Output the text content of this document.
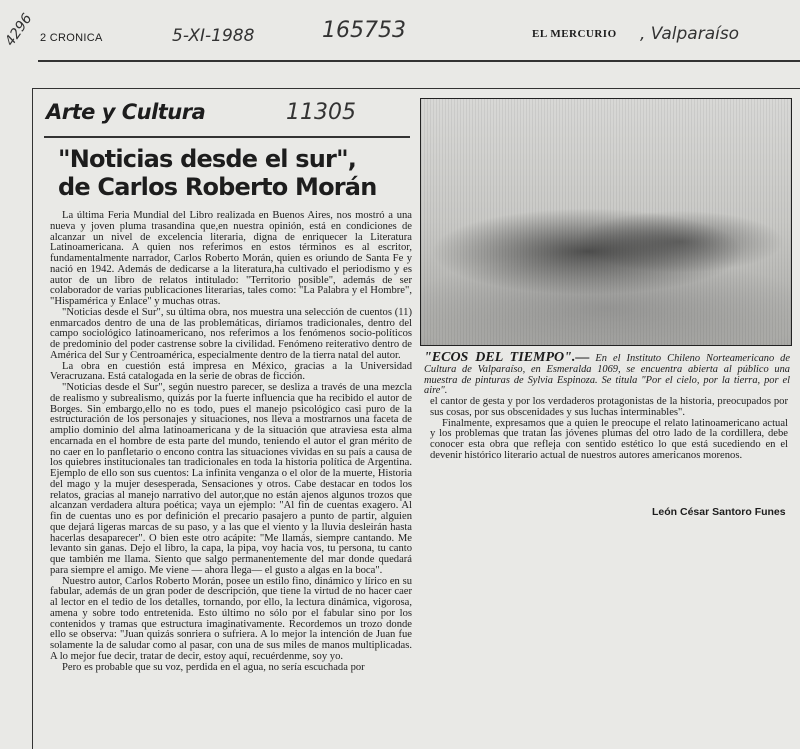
4296 2 CRONICA	5-XI-1988	165753	EL MERCURIO , Valparaíso
Arte y Cultura	11305
"Noticias desde el sur",
de Carlos Roberto Morán

La última Feria Mundial del Libro realizada en Buenos Aires, nos mostró a una nueva y joven pluma trasandina que,en nuestra opinión, está en condiciones de alcanzar un nivel de excelencia literaria, digna de enriquecer la Literatura Latinoamericana. A quien nos referimos en estos términos es al escritor, fundamentalmente narrador, Carlos Roberto Morán, quien es oriundo de Santa Fe y nació en 1942. Además de dedicarse a la literatura,ha cultivado el periodismo y es autor de un libro de relatos intitulado: "Territorio posible", además de ser colaborador de varias publicaciones literarias, tales como: "La Palabra y el Hombre", "Hispamérica y Enlace" y muchas otras.

"Noticias desde el Sur", su última obra, nos muestra una selección de cuentos (11) enmarcados dentro de una de las problemáticas, diríamos tradicionales, dentro del campo sociológico latinoamericano, nos referimos a los fenómenos socio-políticos de predominio del poder castrense sobre la civilidad. Fenómeno reiterativo dentro de América del Sur y Centroamérica, especialmente dentro de la tierra natal del autor.

La obra en cuestión está impresa en México, gracias a la Universidad Veracruzana. Está catalogada en la serie de obras de ficción.

"Noticias desde el Sur", según nuestro parecer, se desliza a través de una mezcla de realismo y subrealismo, quizás por la fuerte influencia que ha recibido el autor de Borges. Sin embargo,ello no es todo, pues el manejo psicológico casi puro de la estructuración de los personajes y situaciones, nos lleva a mostrarnos una faceta de amplio dominio del alma latinoamericana y de la situación que atraviesa esta alma encarnada en el hombre de esta parte del mundo, teniendo el autor el gran mérito de no caer en lo panfletario o encono contra las situaciones vividas en su país a causa de los quiebres institucionales tan tradicionales en toda la historia política de Argentina. Ejemplo de ello son sus cuentos: La infinita venganza o el olor de la muerte, Historia del mago y la mujer desesperada, Sensaciones y otros. Cabe destacar en todos los relatos, gracias al manejo narrativo del autor,que no están ajenos algunos trozos que alcanzan verdadera altura poética; vaya un ejemplo: "Al fin de cuentas exagero. Al fin de cuentas uno es por definición el precario pasajero a punto de partir, alguien que dejará ligeras marcas de su paso, y a las que el viento y la lluvia desleirán hasta hacerlas desaparecer". O bien este otro acápite: "Me llamás, siempre cantando. Me levanto sin ganas. Dejo el libro, la capa, la pipa, voy hacia vos, tu persona, tu canto que también me llama. Siento que salgo permanentemente del mar donde quedará para siempre el amigo. Me viene — ahora llega— el gusto a algas en la boca".

Nuestro autor, Carlos Roberto Morán, posee un estilo fino, dinámico y lírico en su fabular, además de un gran poder de descripción, que tiene la virtud de no hacer caer al lector en el tedio de los detalles, tornando, por ello, la lectura dinámica, vigorosa, amena y sobre todo entretenida. Esto último no sólo por el fabular sino por los contenidos y tramas que estructura imaginativamente. Recordemos un trozo donde ello se observa: "Juan quizás sonriera o sufriera. A lo mejor la intención de Juan fue solamente la de saludar como al pasar, con una de sus miles de manos multiplicadas. A lo mejor fue decir, tratar de decir, estoy aquí, recuérdenme, soy yo.

Pero es probable que su voz, perdida en el agua, no sería escuchada por

"ECOS DEL TIEMPO".— En el Instituto Chileno Norteamericano de Cultura de Valparaíso, en Esmeralda 1069, se encuentra abierta al público una muestra de pinturas de Sylvia Espinoza. Se titula "Por el cielo, por la tierra, por el aire".

el cantor de gesta y por los verdaderos protagonistas de la historia, preocupados por sus cosas, por sus obscenidades y sus luchas interminables".

Finalmente, expresamos que a quien le preocupe el relato latinoamericano actual y los problemas que tratan las jóvenes plumas del otro lado de la cordillera, debe conocer esta obra que refleja con sentido estético lo que está sucediendo en el devenir histórico literario actual de nuestros autores americanos morenos.

León César Santoro Funes
